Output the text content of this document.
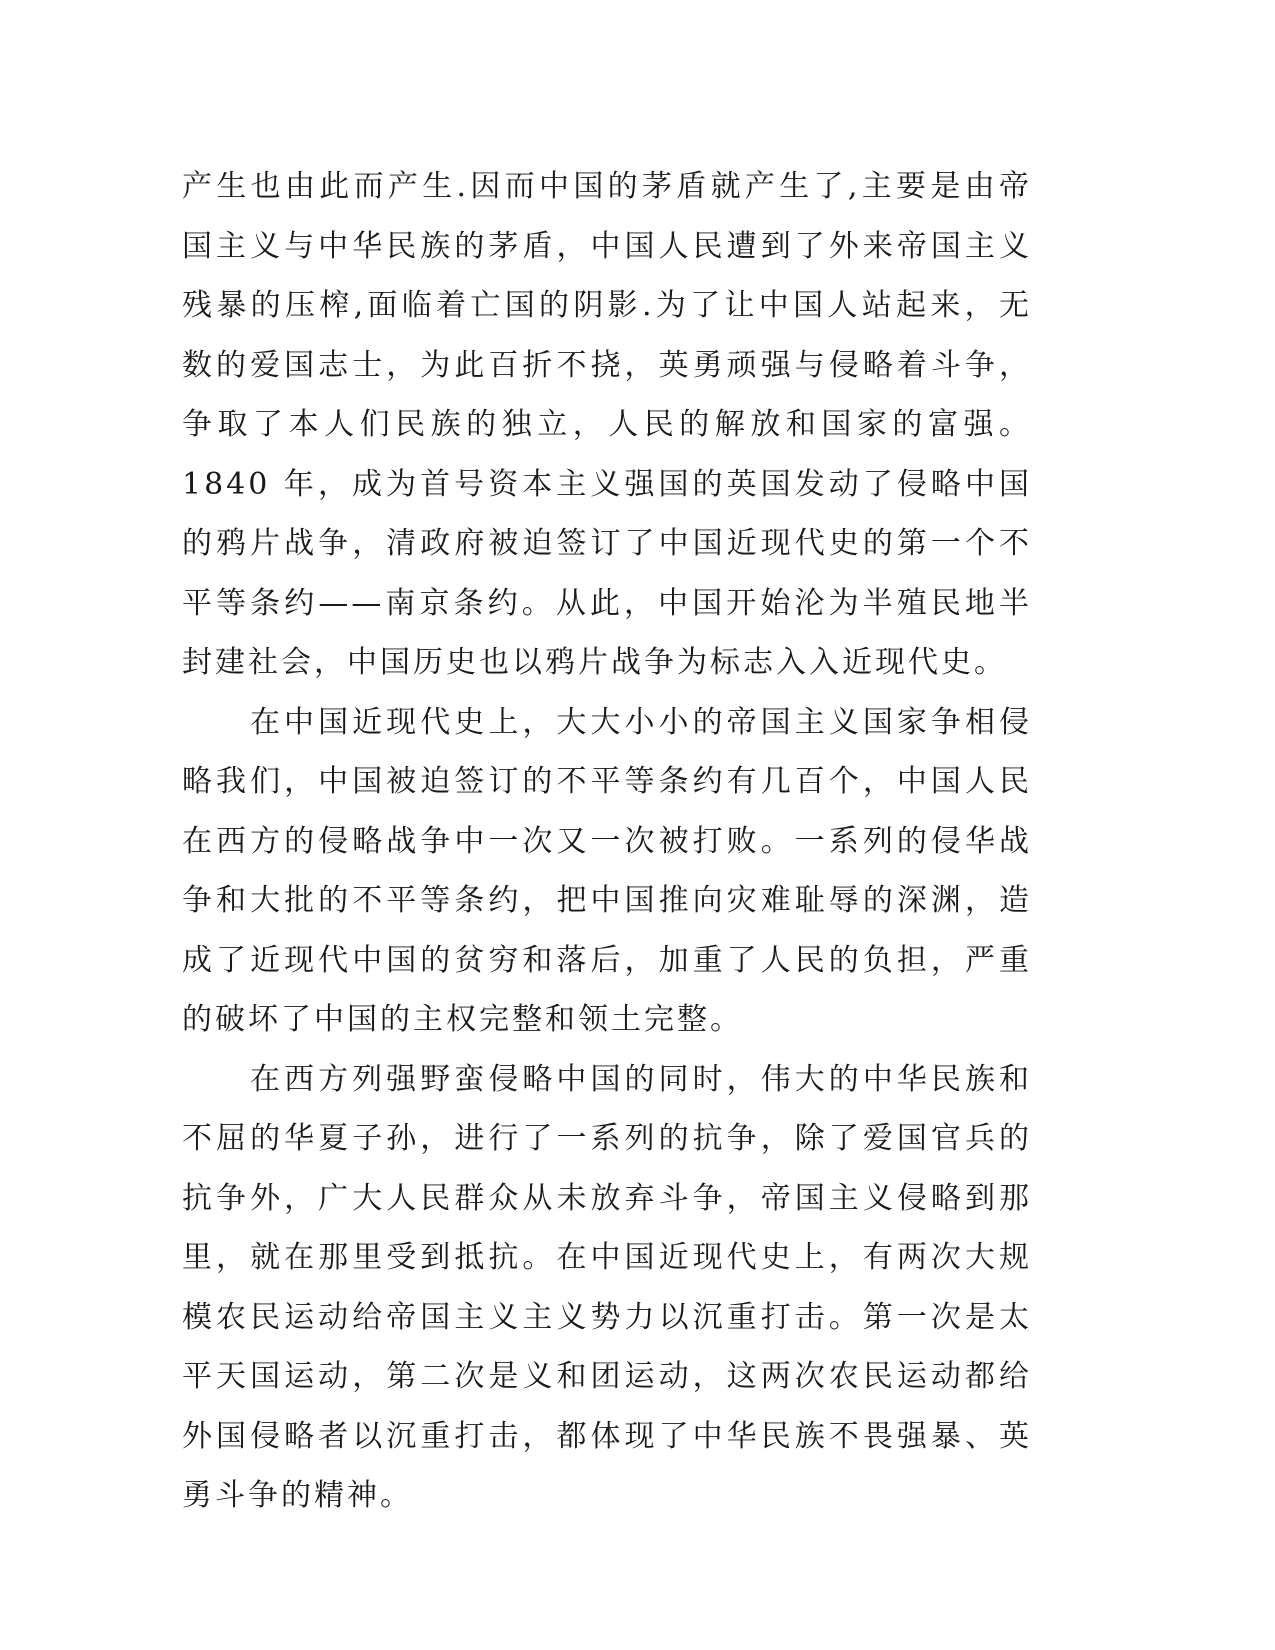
产生也由此而产生.因而中国的茅盾就产生了,主要是由帝国主义与中华民族的茅盾，中国人民遭到了外来帝国主义残暴的压榨,面临着亡国的阴影.为了让中国人站起来，无数的爱国志士，为此百折不挠，英勇顽强与侵略着斗争，争取了本人们民族的独立，人民的解放和国家的富强。1840 年，成为首号资本主义强国的英国发动了侵略中国的鸦片战争，清政府被迫签订了中国近现代史的第一个不平等条约——南京条约。从此，中国开始沦为半殖民地半封建社会，中国历史也以鸦片战争为标志入入近现代史。

在中国近现代史上，大大小小的帝国主义国家争相侵略我们，中国被迫签订的不平等条约有几百个，中国人民在西方的侵略战争中一次又一次被打败。一系列的侵华战争和大批的不平等条约，把中国推向灾难耻辱的深渊，造成了近现代中国的贫穷和落后，加重了人民的负担，严重的破坏了中国的主权完整和领土完整。

在西方列强野蛮侵略中国的同时，伟大的中华民族和不屈的华夏子孙，进行了一系列的抗争，除了爱国官兵的抗争外，广大人民群众从未放弃斗争，帝国主义侵略到那里，就在那里受到抵抗。在中国近现代史上，有两次大规模农民运动给帝国主义主义势力以沉重打击。第一次是太平天国运动，第二次是义和团运动，这两次农民运动都给外国侵略者以沉重打击，都体现了中华民族不畏强暴、英勇斗争的精神。
